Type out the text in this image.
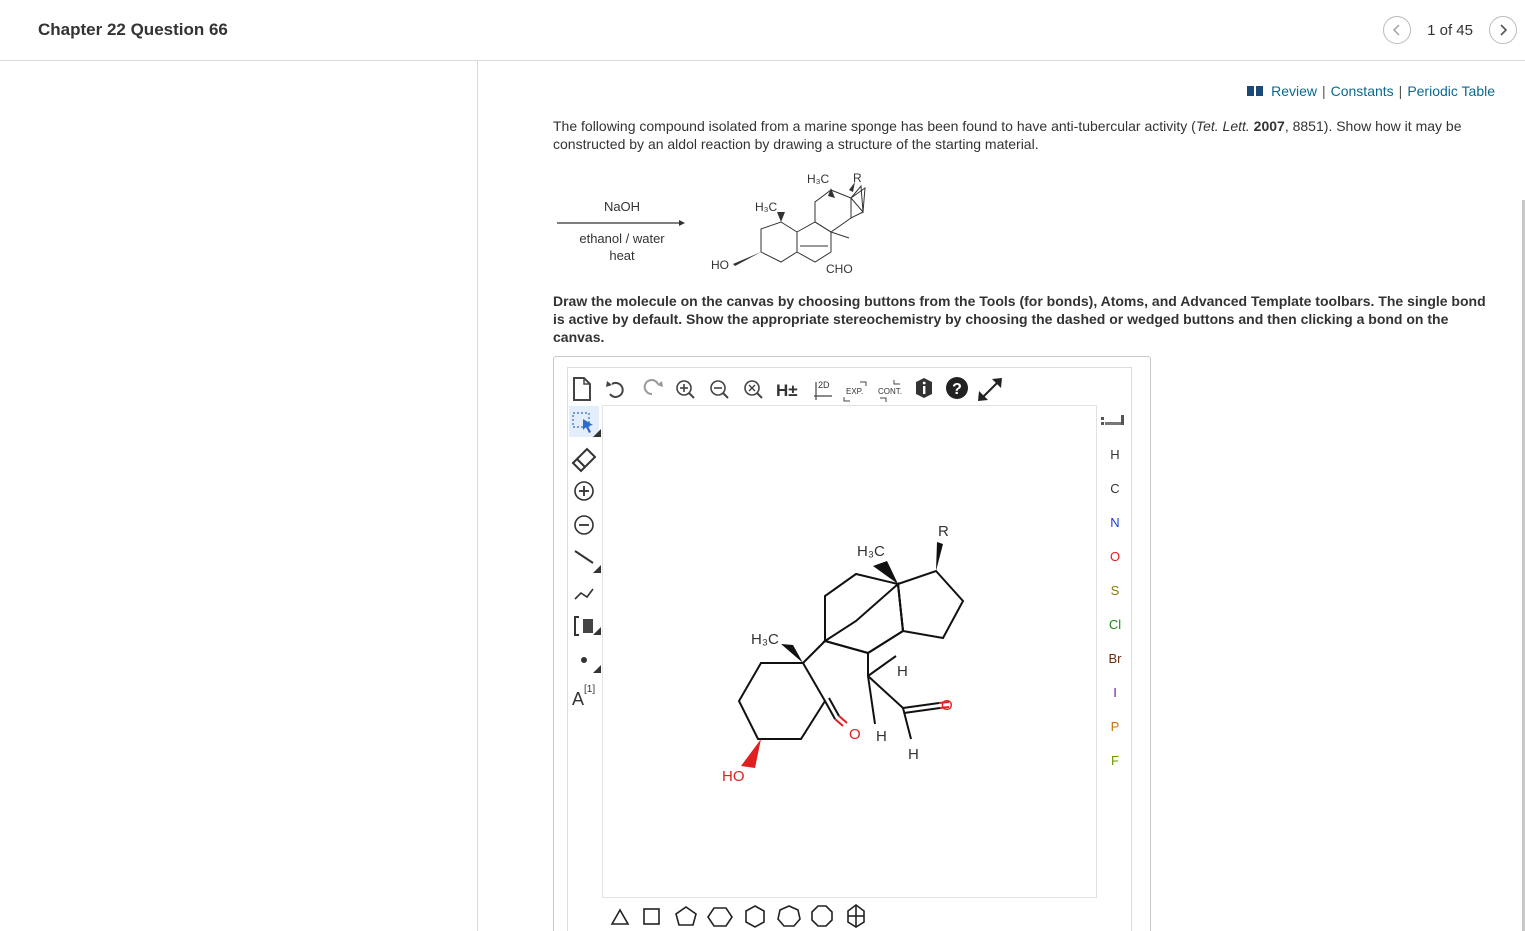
Chapter 22 Question 66	1 of 45
Review | Constants | Periodic Table
The following compound isolated from a marine sponge has been found to have anti-tubercular activity (Tet. Lett. 2007, 8851). Show how it may be constructed by an aldol reaction by drawing a structure of the starting material.
NaOH
ethanol / water
heat
H₃C R
H₃C
HO	CHO
Draw the molecule on the canvas by choosing buttons from the Tools (for bonds), Atoms, and Advanced Template toolbars. The single bond is active by default. Show the appropriate stereochemistry by choosing the dashed or wedged buttons and then clicking a bond on the canvas.
H± 2D
EXP. CONT.	?
A [1]
R
H₃C
H₃C
H
O
O H
H
HO
H
C
N
O
S
Cl
Br
I
P
F
